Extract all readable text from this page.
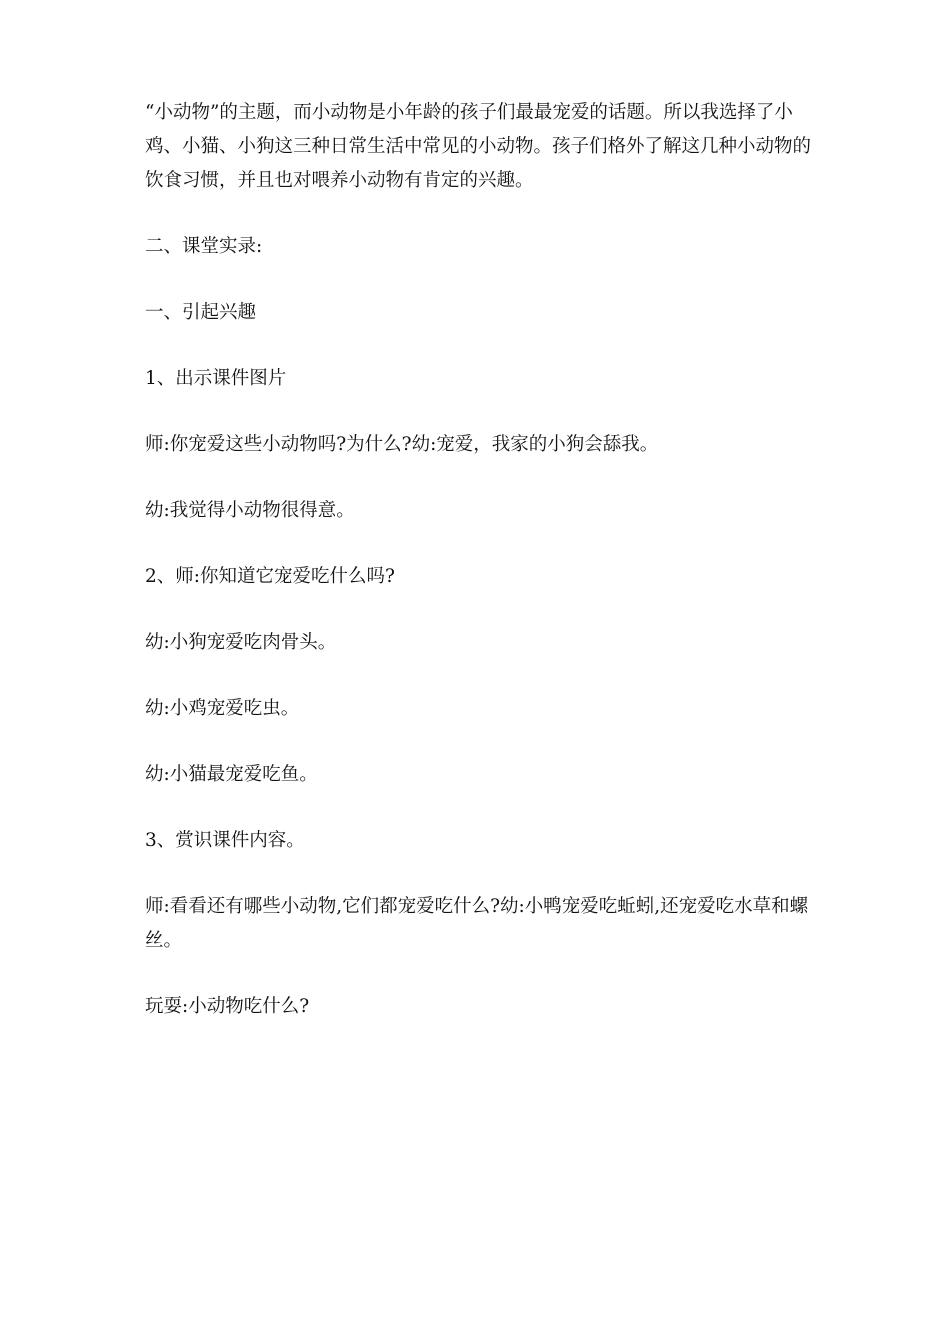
“小动物”的主题，而小动物是小年龄的孩子们最最宠爱的话题。所以我选择了小鸡、小猫、小狗这三种日常生活中常见的小动物。孩子们格外了解这几种小动物的饮食习惯，并且也对喂养小动物有肯定的兴趣。

二、课堂实录:

一、引起兴趣

1、出示课件图片

师:你宠爱这些小动物吗?为什么?幼:宠爱，我家的小狗会舔我。

幼:我觉得小动物很得意。

2、师:你知道它宠爱吃什么吗?

幼:小狗宠爱吃肉骨头。

幼:小鸡宠爱吃虫。

幼:小猫最宠爱吃鱼。

3、赏识课件内容。

师:看看还有哪些小动物,它们都宠爱吃什么?幼:小鸭宠爱吃蚯蚓,还宠爱吃水草和螺丝。

玩耍:小动物吃什么?
